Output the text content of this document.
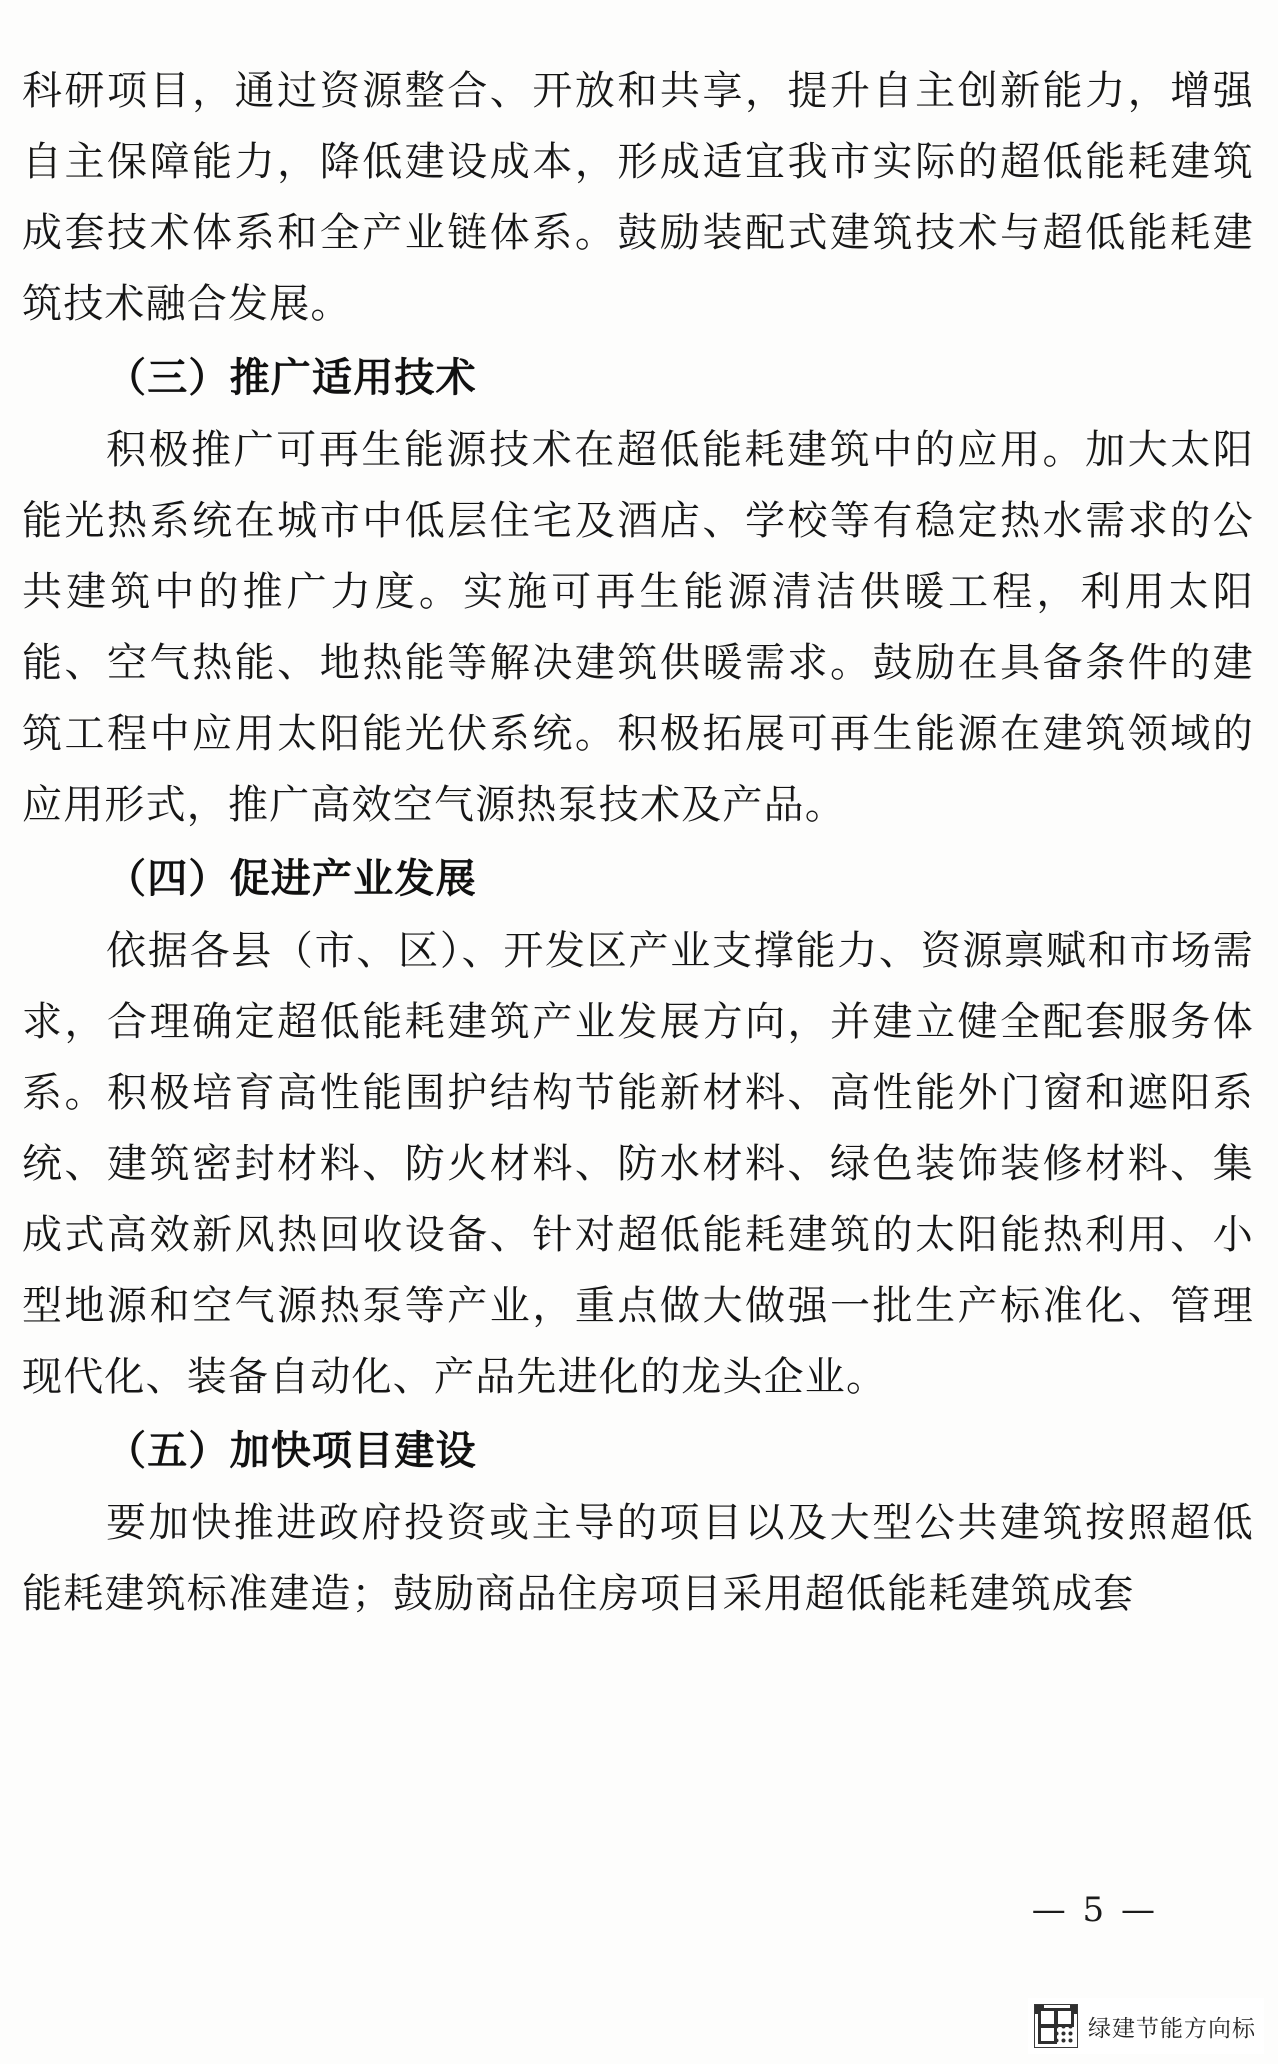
科研项目，通过资源整合、开放和共享，提升自主创新能力，增强自主保障能力，降低建设成本，形成适宜我市实际的超低能耗建筑成套技术体系和全产业链体系。鼓励装配式建筑技术与超低能耗建筑技术融合发展。

（三）推广适用技术

积极推广可再生能源技术在超低能耗建筑中的应用。加大太阳能光热系统在城市中低层住宅及酒店、学校等有稳定热水需求的公共建筑中的推广力度。实施可再生能源清洁供暖工程，利用太阳能、空气热能、地热能等解决建筑供暖需求。鼓励在具备条件的建筑工程中应用太阳能光伏系统。积极拓展可再生能源在建筑领域的应用形式，推广高效空气源热泵技术及产品。

（四）促进产业发展

依据各县（市、区）、开发区产业支撑能力、资源禀赋和市场需求，合理确定超低能耗建筑产业发展方向，并建立健全配套服务体系。积极培育高性能围护结构节能新材料、高性能外门窗和遮阳系统、建筑密封材料、防火材料、防水材料、绿色装饰装修材料、集成式高效新风热回收设备、针对超低能耗建筑的太阳能热利用、小型地源和空气源热泵等产业，重点做大做强一批生产标准化、管理现代化、装备自动化、产品先进化的龙头企业。

（五）加快项目建设

要加快推进政府投资或主导的项目以及大型公共建筑按照超低能耗建筑标准建造；鼓励商品住房项目采用超低能耗建筑成套

— 5 —
绿建节能方向标
